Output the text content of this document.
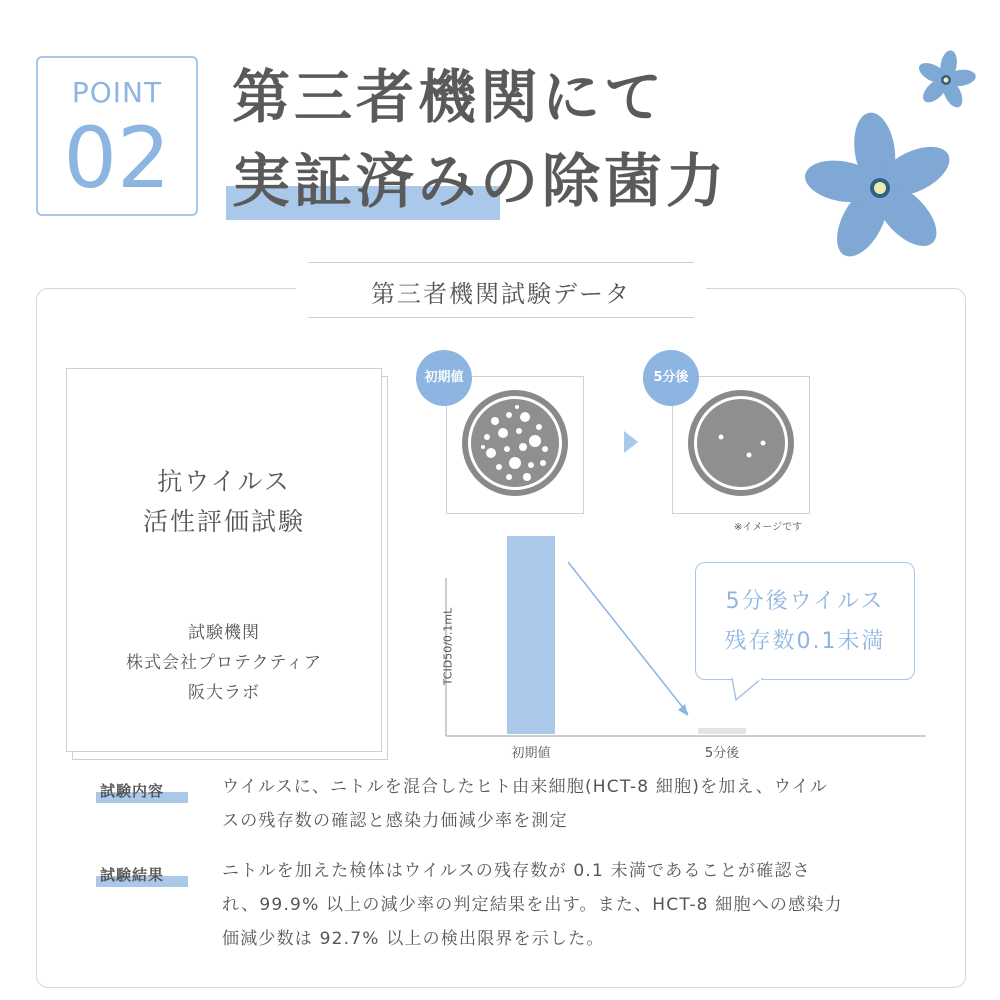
POINT
02
第三者機関にて
実証済みの除菌力
第三者機関試験データ
抗ウイルス
活性評価試験
試験機関
株式会社プロテクティア
阪大ラボ
初期値	5分後
※イメージです
TCID50/0.1mL
初期値	5分後
5分後ウイルス
残存数0.1未満
試験内容	ウイルスに、ニトルを混合したヒト由来細胞(HCT-8 細胞)を加え、ウイル
スの残存数の確認と感染力価減少率を測定
試験結果	ニトルを加えた検体はウイルスの残存数が 0.1 未満であることが確認さ
れ、99.9% 以上の減少率の判定結果を出す。また、HCT-8 細胞への感染力
価減少数は 92.7% 以上の検出限界を示した。
